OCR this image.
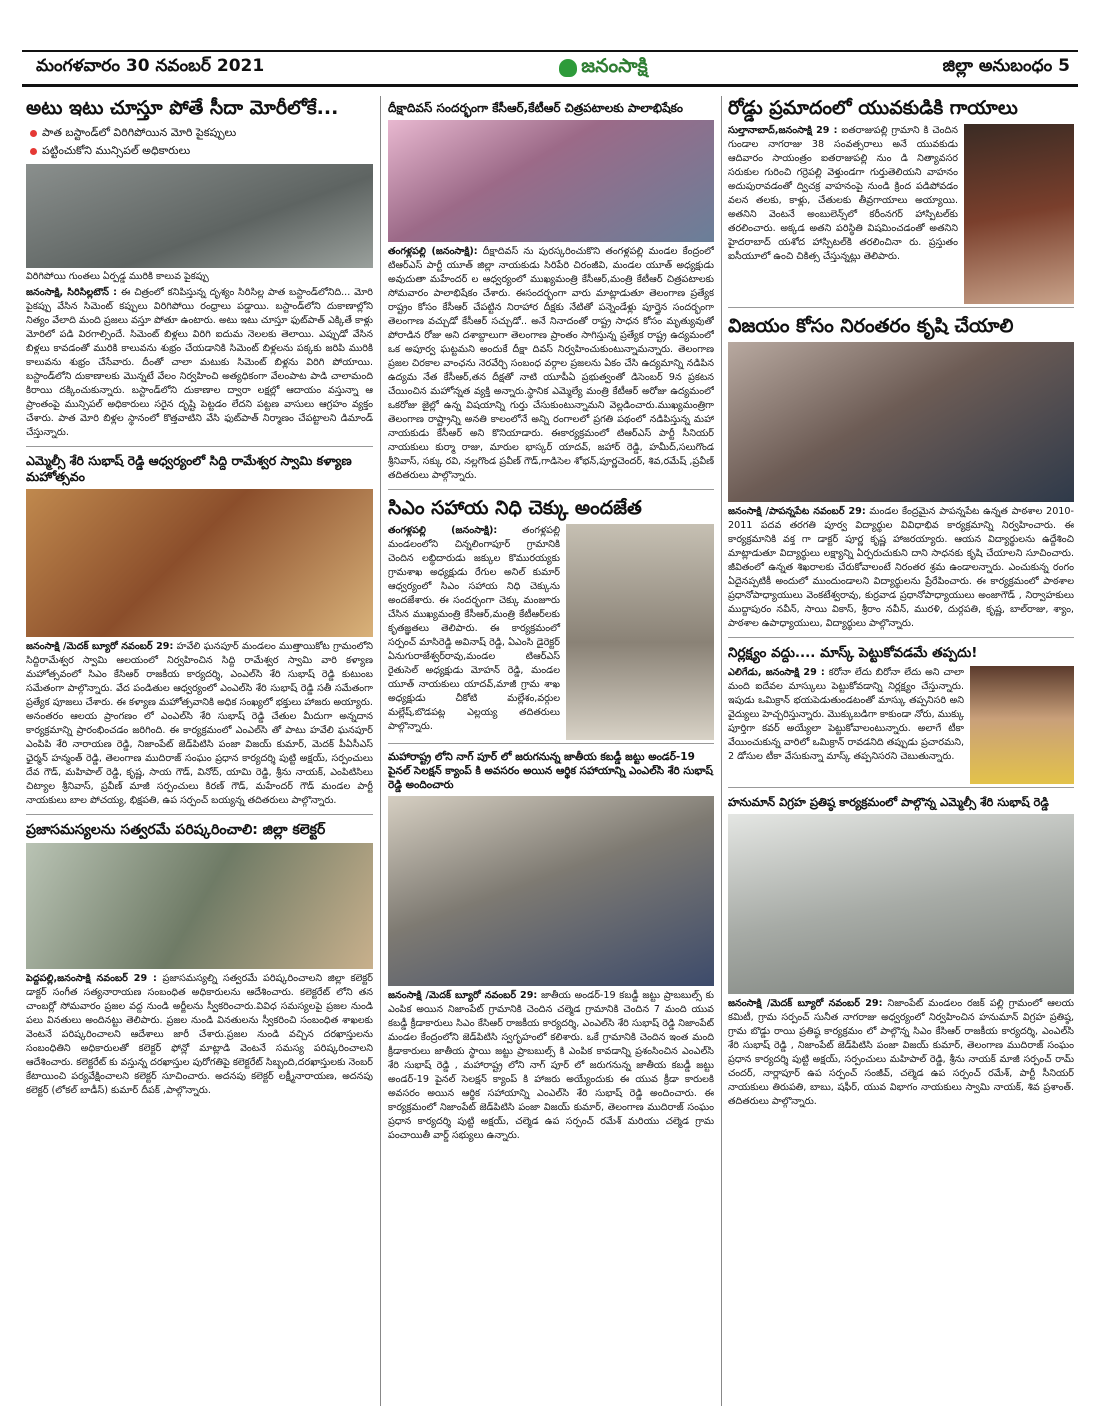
మంగళవారం 30 నవంబర్ 2021	జనంసాక్షి	జిల్లా అనుబంధం 5
అటు ఇటు చూస్తూ పోతే సీదా మోరీలోకే...
పాత బస్టాండ్‌లో విరిగిపోయిన మోరి పైకప్పులు
పట్టించుకోని మున్సిపల్‌ అధికారులు
విరిగిపోయి గుంతలు ఏర్పడ్డ మురికి కాలువ పైకప్పు
జనంసాక్షి, సిరిసిల్లటౌన్‌ : ఈ చిత్రంలో కనిపిస్తున్న దృశ్యం సిరిసిల్ల పాత బస్టాండ్‌లోనిది... మోరి పైకప్పు వేసిన సిమెంట్‌ కప్పులు విరిగిపోయి రంధ్రాలు పడ్డాయి. బస్టాండ్‌లోని దుకాణాల్లోని నిత్యం వేలాది మంది ప్రజలు వస్తూ పోతూ ఉంటారు. అటు ఇటు చూస్తూ ఫుట్‌పాత్‌ ఎక్కితే కాళ్లు మోరిలో పడి విరగాల్సిందే. సిమెంట్‌ బిళ్లలు విరిగి ఐదుమ నెలలకు తెలాయి. ఎప్పుడో వేసిన బిళ్లలు కావడంతో మురికి కాలువను శుభ్రం చేయడానికి సిమెంట్‌ బిళ్లలను పక్కకు జరిపి మురికి కాలువను శుభ్రం చేసేవారు. దీంతో చాలా మటుకు సిమెంట్‌ బిళ్లను విరిగి పోయాయి. బస్టాండ్‌లోని దుకాణాలకు మొన్నటే వేలం నిర్వహించి అత్యధికంగా వేలంపాట పాడి చాలామంది కిరాయి దక్కించుకున్నారు. బస్టాండ్‌లోని దుకాణాల ద్వారా లక్షల్లో ఆదాయం వస్తున్నా ఆ ప్రాంతంపై మున్సిపల్‌ అధికారులు సరైన దృష్టి పెట్టడం లేదని పట్టణ వాసులు ఆగ్రహం వ్యక్తం చేశారు. పాత మోరి బిళ్లల స్థానంలో కొత్తవాటిని వేసి ఫుట్‌పాత్‌ నిర్మాణం చేపట్టాలని డిమాండ్‌ చేస్తున్నారు.
ఎమ్మెల్సీ శేరి సుభాష్‌ రెడ్డి ఆధ్వర్యంలో సిద్ది రామేశ్వర స్వామి కళ్యాణ మహోత్సవం
జనంసాక్షి /మెదక్‌ బ్యూరో నవంబర్‌ 29: హవేలి ఘనపూర్‌ మండలం ముత్తాయికోట గ్రామంలోని సిద్దిరామేశ్వర స్వామి ఆలయంలో నిర్వహించిన సిద్ది రామేశ్వర స్వామి వారి కళ్యాణ మహోత్సవంలో సిఎం కేసిఆర్‌ రాజకీయ కార్యదర్శి, ఎంఎల్‌సి శేరి సుభాష్‌ రెడ్డి కుటుంబ సమేతంగా పాల్గొన్నారు. వేద పండితుల ఆధ్వర్యంలో ఎంఎల్‌సి శేరి సుభాష్‌ రెడ్డి సతీ సమేతంగా ప్రత్యేక పూజలు చేశారు. ఈ కళ్యాణ మహోత్సవానికి అధిక సంఖ్యలో భక్తులు హాజరు అయ్యారు. అనంతరం ఆలయ ప్రాంగణం లో ఎంఎల్‌సి శేరి సుభాష్‌ రెడ్డి చేతుల మీదుగా అన్నదాన కార్యక్రమాన్ని ప్రారంభించడం జరిగింది. ఈ కార్యక్రమంలో ఎంఎల్‌సి తో పాటు హవేలి ఘనపూర్‌ ఎంపిపి శేరి నారాయణ రెడ్డి, నిజాంపేట్‌ జెడ్‌పిటిసి పంజా విజయ్‌ కుమార్‌, మెదక్‌ పీఏసీఎస్‌ ఛైర్మన్‌ హన్మంత్‌ రెడ్డి, తెలంగాణ ముదిరాజ్‌ సంఘం ప్రధాన కార్యదర్శి పుట్టి అక్షయ్‌, సర్పంచులు దేవ గౌడ్‌, మహిపాల్‌ రెడ్డి, కృష్ణ, సాయ గౌడ్‌, వినోద్‌, యామి రెడ్డి, శ్రీను నాయక్‌, ఎంపిటిసిలు చిట్యాల శ్రీనివాస్‌, ప్రవీణ్‌ మాజీ సర్పంచులు కిరణ్‌ గౌడ్‌, మహేందర్‌ గౌడ్‌ మండల పార్టీ నాయకులు బాల పోచయ్య, భిక్షపతి, ఉప సర్పంచ్‌ బయ్యన్న తదితరులు పాల్గొన్నారు.
ప్రజాసమస్యలను సత్వరమే పరిష్కరించాలి: జిల్లా కలెక్టర్‌
పెద్దపల్లి,జనంసాక్షి నవంబర్‌ 29 : ప్రజాసమస్యల్ని సత్వరమే పరిష్కరించాలని జిల్లా కలెక్టర్‌ డాక్టర్‌ సంగీత సత్యనారాయణ సంబంధిత అధికారులను ఆదేశించారు. కలెక్టరేట్‌ లోని తన చాంబర్లో సోమవారం ప్రజల వద్ద నుండి అర్జీలను స్వీకరించారు.వివిధ సమస్యలపై ప్రజల నుండి పలు వినతులు అందినట్టు తెలిపారు. ప్రజల నుండి వినతులను స్వీకరించి సంబంధిత శాఖలకు వెంటనే పరిష్కరించాలని ఆదేశాలు జారీ చేశారు.ప్రజల నుండి వచ్చిన దరఖాస్తులను సంబంధితిని అధికారులతో కలెక్టర్‌ ఫోన్లో మాట్లాడి వెంటనే సమస్య పరిష్కరించాలని ఆదేశించారు. కలెక్టరేట్‌ కు వస్తున్న దరఖాస్తుల పురోగతిపై కలెక్టరేట్‌ సిబ్బంది,దరఖాస్తులకు నెంబర్‌ కేటాయించి పర్యవేక్షించాలని కలెక్టర్‌ సూచించారు. అదనపు కలెక్టర్‌ లక్ష్మీనారాయణ, అదనపు కలెక్టర్‌ (లోకల్‌ బాడీస్‌) కుమార్‌ దీపక్‌ ,పాల్గొన్నారు.
దీక్షాదివస్‌ సందర్భంగా కేసీఆర్‌,కేటీఆర్‌ చిత్రపటాలకు పాలాభిషేకం
తంగళ్లపల్లి (జనంసాక్షి): దీక్షాదివస్‌ ను పురస్కరించుకొని తంగళ్లపల్లి మండల కేంద్రంలో టిఆర్‌ఎస్‌ పార్టీ యూత్‌ జిల్లా నాయకుడు సిరిపేరి చిరంజీవి, మండల యూత్‌ అధ్యక్షుడు అవుదుతా మహేందర్‌ ల ఆధ్వర్యంలో ముఖ్యమంత్రి కేసీఆర్‌,మంత్రి కేటీఆర్‌ చిత్రపటాలకు సోమవారం పాలాభిషేకం చేశారు. ఈసందర్భంగా వారు మాట్లాడుతూ తెలంగాణ ప్రత్యేక రాష్ట్రం కోసం కేసీఆర్‌ చేపట్టిన నిరాహార దీక్షకు నేటితో పన్నెండేళ్లు పూర్తైన సందర్భంగా తెలంగాణ వచ్చుడో కేసీఆర్‌ సచ్చుడో.. అనే నినాదంతో రాష్ట్ర సాధన కోసం మృత్యువుతో పోరాడిన రోజు అని దశాబ్దాలుగా తెలంగాణ ప్రాంతం సాగిస్తున్న ప్రత్యేక రాష్ట్ర ఉద్యమంలో ఒక అపూర్వ ఘట్టమని అందుకే దీక్షా దివస్‌ నిర్వహించుకుంటున్నామన్నారు. తెలంగాణ ప్రజల చిరకాల వాంఛను నెరవేర్చి సంబంధ వర్గాల ప్రజలను ఏకం చేసి ఉద్యమాన్ని నడిపిన ఉద్యమ నేత కేసీఆర్‌,తన దీక్షతో నాటి యూపీఏ ప్రభుత్వంతో డిసెంబర్‌ 9న ప్రకటన చేయించిన మహోన్నత వ్యక్తి అన్నారు.స్థానిక ఎమ్మెల్యే మంత్రి కేటీఆర్‌ అరోజు ఉద్యమంలో ఒకరోజు జైల్లో ఉన్న విషయాన్ని గుర్తు చేసుకుంటున్నామని వెల్లడించారు.ముఖ్యమంత్రిగా తెలంగాణ రాష్ట్రాన్ని అనతి కాలంలోనే అన్ని రంగాలలో ప్రగతి పథంలో నడిపిస్తున్న మహా నాయకుడు కేసీఆర్‌ అని కొనియాడారు. ఈకార్యక్రమంలో టిఆర్‌ఎస్‌ పార్టీ సీనియర్‌ నాయకులు కుర్మా రాజు, మారుల భాస్కర్‌ యాదవ్‌, జహార్‌ రెడ్డి, హమీద్‌,సలుగొండ శ్రీనివాస్‌, సక్కు రవి, నల్లగొండ ప్రవీణ్‌ గౌడ్‌,గాడిసెల శోభన్‌,పూర్ణచెందర్‌, శివ,రమేష్‌ ,ప్రవీణ్‌ తదితరులు పాల్గొన్నారు.
సిఎం సహాయ నిధి చెక్కు అందజేత
తంగళ్లపల్లి (జనంసాక్షి):	తంగళ్లపల్లి మండలంలోని చిన్నలింగాపూర్‌ గ్రామానికి చెందిన లబ్ధిదారుడు జక్కుల కొమురయ్యకు గ్రామశాఖ అధ్యక్షుడు రేగుల అనిల్‌ కుమార్‌ ఆధ్వర్యంలో సిఎం సహాయ నిధి చెక్కును అందజేశారు. ఈ సందర్భంగా చెక్కు మంజూరు చేసిన ముఖ్యమంత్రి కేసీఆర్‌,మంత్రి కేటీఆర్‌లకు కృతజ్ఞతలు తెలిపారు. ఈ కార్యక్రమంలో సర్పంచ్‌ మాసిరెడ్డి అవినాష్‌ రెడ్డి, ఏఎంసి డైరెక్టర్‌ ఏనుగురాజేశ్వర్‌రావు,మండల టిఆర్‌ఎస్‌ రైతుసెల్‌ అధ్యక్షుడు మోహన్‌ రెడ్డి, మండల యూత్‌ నాయకులు యాదవ్‌,మాజీ గ్రామ శాఖ అధ్యక్షుడు చీకోటి మల్లేశం,వర్గుల మల్లేష్‌,బొడపట్ల ఎల్లయ్య తదితరులు పాల్గొన్నారు.
మహారాష్ట్ర లోని నాగ్‌ పూర్‌ లో జరుగనున్న జాతీయ కబడ్డీ జట్టు అండర్‌-19 పైనల్‌ సెలక్షన్‌ క్యాంప్‌ కి అవసరం అయిన ఆర్థిక సహాయాన్ని ఎంఎల్‌సి శేరి సుభాష్‌ రెడ్డి అందించారు
జనంసాక్షి /మెదక్‌ బ్యూరో నవంబర్‌ 29: జాతీయ అండర్‌-19 కబడ్డీ జట్టు ప్రాబబుల్స్‌ కు ఎంపిక అయిన నిజాంపేట్‌ గ్రామానికి చెందిన చల్మెడ గ్రామానికి చెందిన 7 మంది యువ కబడ్డీ క్రీడాకారులు సిఎం కేసిఆర్‌ రాజకీయ కార్యదర్శి, ఎంఎల్‌సి శేరి సుభాష్‌ రెడ్డి నిజాంపేట్‌ మండల కేంద్రంలోని జెడ్‌పిటిసి స్వగృహంలో కలిశారు. ఒకే గ్రామానికి చెందిన ఇంత మంది క్రీడాకారులు జాతీయ స్థాయి జట్టు ప్రాబబుల్స్‌ కి ఎంపిక కావడాన్ని ప్రశంసించిన ఎంఎల్‌సి శేరి సుభాష్‌ రెడ్డి , మహారాష్ట్ర లోని నాగ్‌ పూర్‌ లో జరుగనున్న జాతీయ కబడ్డీ జట్టు అండర్‌-19 పైనల్‌ సెలక్షన్‌ క్యాంప్‌ కి హాజరు అయ్యేందుకు ఈ యువ క్రీడా కారులకి అవసరం అయిన ఆర్థిక సహాయాన్ని ఎంఎల్‌సి శేరి సుభాష్‌ రెడ్డి అందించారు. ఈ కార్యక్రమంలో నిజాంపేట్‌ జెడ్‌పిటిసి పంజా విజయ్‌ కుమార్‌, తెలంగాణ ముదిరాజ్‌ సంఘం ప్రధాన కార్యదర్శి పుట్టి అక్షయ్‌, చల్మెడ ఉప సర్పంచ్‌ రమేశ్‌ మరియు చల్మెడ గ్రామ పంచాయితీ వార్డ్‌ సభ్యులు ఉన్నారు.
రోడ్డు ప్రమాదంలో యువకుడికి గాయాలు
సుల్తానాబాద్‌,జనంసాక్షి 29 : ఐతరాజుపల్లి గ్రామాని కి చెందిన గుండాల నాగరాజు 38 సంవత్సరాలు అనే యువకుడు ఆదివారం సాయంత్రం ఐతరాజుపల్లి నుం డి నిత్యావసర సరుకుల గురించి గర్రెపల్లి వెళ్తుండగా గుర్తుతెలియని వాహనం అదుపురావడంతో ద్విచక్ర వాహనంపై నుండి క్రింద పడిపోవడం వలన తలకు, కాళ్లు, చేతులకు తీవ్రగాయాలు అయ్యాయి. అతనిని వెంటనే అంబులెన్స్‌లో కరీంనగర్‌ హాస్పిటల్‌కు తరలించారు. అక్కడ అతని పరిస్థితి విషమించడంతో అతనిని హైదరాబాద్‌ యశోద హాస్పిటల్‌కి తరలించినా రు. ప్రస్తుతం ఐసీయూలో ఉంచి చికిత్స చేస్తున్నట్లు తెలిపారు.
విజయం కోసం నిరంతరం కృషి చేయాలి
జనంసాక్షి /పాపన్నపేట నవంబర్‌ 29: మండల కేంద్రమైన పాపన్నపేట ఉన్నత పాఠశాల 2010-2011 పదవ తరగతి పూర్వ విద్యార్థుల వివిధాభివ కార్యక్రమాన్ని నిర్వహించారు. ఈ కార్యక్రమానికి వక్త గా డాక్టర్‌ పూర్ణ కృష్ణ హాజరయ్యారు. ఆయన విద్యార్థులను ఉద్దేశించి మాట్లాడుతూ విద్యార్థులు లక్ష్యాన్ని ఏర్పరుచుకుని దాని సాధనకు కృషి చేయాలని సూచించారు. జీవితంలో ఉన్నత శిఖరాలకు చేరుకోవాలంటే నిరంతర శ్రమ ఉండాలన్నారు. ఎంచుకున్న రంగం ఏదైనప్పటికీ అందులో ముందుండాలని విద్యార్థులను ప్రేరేపించారు. ఈ కార్యక్రమంలో పాఠశాల ప్రధానోపాధ్యాయులు వెంకటేశ్వరావు, కుర్రవాడ ప్రధానోపాధ్యాయులు అంజాగౌడ్‌ , నిర్వాహకులు ముద్దాపురం నవీన్‌, సాయి వికాస్‌, శ్రీరాం నవీన్‌, మురళి, దుర్గపతి, కృష్ణ, బాల్‌రాజు, శ్యాం, పాఠశాల ఉపాధ్యాయులు, విద్యార్థులు పాల్గొన్నారు.
నిర్లక్ష్యం వద్దు.... మాస్క్‌ పెట్టుకోవడమే తప్పదు!
ఎలిగేడు, జనంసాక్షి 29 : కరోనా లేదు బిరోనా లేదు అని చాలా మంది ఐదేవల మాస్కులు పెట్టుకోవడాన్ని నిర్లక్ష్యం చేస్తున్నారు. ఇపుడు ఒమిక్రాన్‌ భయపెడుతుండటంతో మాస్కు తప్పనిసరి అని వైద్యులు హెచ్చరిస్తున్నారు. మొక్కుబడిగా కాకుండా నోరు, ముక్కు పూర్తిగా కవర్‌ అయ్యేలా పెట్టుకోవాలంటున్నారు. అలాగే టీకా వేయించుకున్న వారిలో ఒమిక్రాన్‌ రావడనిది తప్పుడు ప్రచారమని, 2 డోసుల టీకా వేసుకున్నా మాస్క్‌ తప్పనిసరని చెబుతున్నారు.
హనుమాన్‌ విగ్రహ ప్రతిష్ఠ కార్యక్రమంలో పాల్గొన్న ఎమ్మెల్సీ శేరి సుభాష్‌ రెడ్డి
జనంసాక్షి /మెదక్‌ బ్యూరో నవంబర్‌ 29: నిజాంపేట్‌ మండలం రజక్‌ పల్లి గ్రామంలో ఆలయ కమిటీ, గ్రామ సర్పంచ్‌ సునీత నాగరాజు అధ్వర్యంలో నిర్వహించిన హనుమాన్‌ విగ్రహ ప్రతిష్ఠ, గ్రామ బొడ్డు రాయి ప్రతిష్ఠ కార్యక్రమం లో పాల్గొన్న సిఎం కేసిఆర్‌ రాజకీయ కార్యదర్శి, ఎంఎల్‌సి శేరి సుభాష్‌ రెడ్డి , నిజాంపేట్‌ జెడ్‌పిటిసి పంజా విజయ్‌ కుమార్‌, తెలంగాణ ముదిరాజ్‌ సంఘం ప్రధాన కార్యదర్శి పుట్టి అక్షయ్‌, సర్పంచులు మహిపాల్‌ రెడ్డి, శ్రీను నాయక్‌ మాజీ సర్పంచ్‌ రామ్‌ చందర్‌, నార్లాపూర్‌ ఉప సర్పంచ్‌ సంజీవ్‌, చల్మెడ ఉప సర్పంచ్‌ రమేశ్‌, పార్టీ సీనియర్‌ నాయకులు తిరుపతి, బాబు, షఫీర్‌, యువ విభాగం నాయకులు స్వామి నాయక్‌, శివ ప్రశాంత్‌. తదితరులు పాల్గొన్నారు.
